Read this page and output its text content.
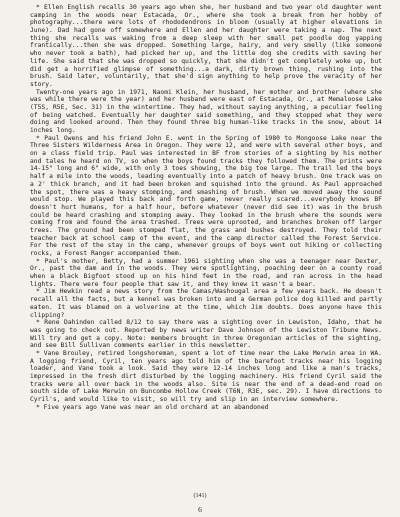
* Ellen English recalls 30 years ago when she, her husband and two year old daughter went camping in the woods near Estacada, Or., where she took a break from her hobby of photography...there were lots of rhododendrons in bloom (usually at higher elevations in June). Dad had gone off somewhere and Ellen and her daughter were taking a nap. The next thing she recalls was waking from a deep sleep with her small pet poodle dog yapping frantically...then she was dropped. Something large, hairy, and very smelly (like someone who never took a bath), had picked her up, and the little dog she credits with saving her life. She said that she was dropped so quickly, that she didn't get completely woke up, but did get a horrified glimpse of something...a dark, dirty brown thing, rushing into the brush. Said later, voluntarily, that she'd sign anything to help prove the veracity of her story.

Twenty-one years ago in 1971, Naomi Klein, her husband, her mother and brother (where she was while there were the year) and her husband were east of Estacada, Or., at Memaloose Lake (T5S, R5E, Sec. 31) in the wintertime. They had, without saying anything, a peculiar feeling of being watched. Eventually her daughter said something, and they stopped what they were doing and looked around. Then they found three big human-like tracks in the snow, about 14 inches long.

* Paul Owens and his friend John E. went in the Spring of 1980 to Mongoose Lake near the Three Sisters Wilderness Area in Oregon. They were 12, and were with several other boys, and on a class field trip. Paul was interested in BF from stories of a sighting by his mother and tales he heard on TV, so when the boys found tracks they followed them. The prints were 14-15" long and 6" wide, with only 3 toes showing, the big toe large. The trail led the boys half a mile into the woods, leading eventually into a patch of heavy brush. One track was on a 2' thick branch, and it had been broken and squished into the ground. As Paul approached the spot, there was a heavy stomping, and smashing of brush. When we moved away the sound would stop. We played this back and forth game, never really scared...everybody knows BF doesn't hurt humans, for a half hour, before whatever (never did see it) was in the brush could be heard crashing and stomping away. They looked in the brush where the sounds were coming from and found the area trashed. Trees were uprooted, and branches broken off larger trees. The ground had been stomped flat, the grass and bushes destroyed. They told their teacher back at school camp of the event, and the camp director called the Forest Service. For the rest of the stay in the camp, whenever groups of boys went out hiking or collecting rocks, a Forest Ranger accompanied them.

* Paul's mother, Betty, had a summer 1961 sighting when she was a teenager near Dexter, Or., past the dam and in the woods. They were spotlighting, poaching deer on a county road when a black Bigfoot stood up on his hind feet in the road, and ran across in the head lights. There were four people that saw it, and they knew it wasn't a bear.

* Jim Hewkin read a news story from the Camas/Washougal area a few years back. He doesn't recall all the facts, but a kennel was broken into and a German police dog killed and partly eaten. It was blamed on a wolverine at the time, which Jim doubts. Does anyone have this clipping?

* Rene Dahinden called 8/12 to say there was a sighting over in Lewiston, Idaho, that he was going to check out. Reported by news writer Dave Johnson of the Lewiston Tribune News. Will try and get a copy. Note: members brought in three Oregonian articles of the sighting, and see Bill Sullivan comments earlier in this newsletter.

* Vane Brouley, retired longshoreman, spent a lot of time near the Lake Merwin area in WA. A logging friend, Cyril, ten years ago told him of the barefoot tracks near his logging loader, and Vane took a look. Said they were 12-14 inches long and like a man's tracks, impressed in the fresh dirt disturbed by the logging machinery. His friend Cyril said the tracks were all over back in the woods also. Site is near the end of a dead-end road on south side of Lake Merwin on Buncombe Hollow Creek (T6N, R3E, sec. 29). I have directions to Cyril's, and would like to visit, so will try and slip in an interview somewhere.

* Five years ago Vane was near an old orchard at an abandoned

(141)
6
